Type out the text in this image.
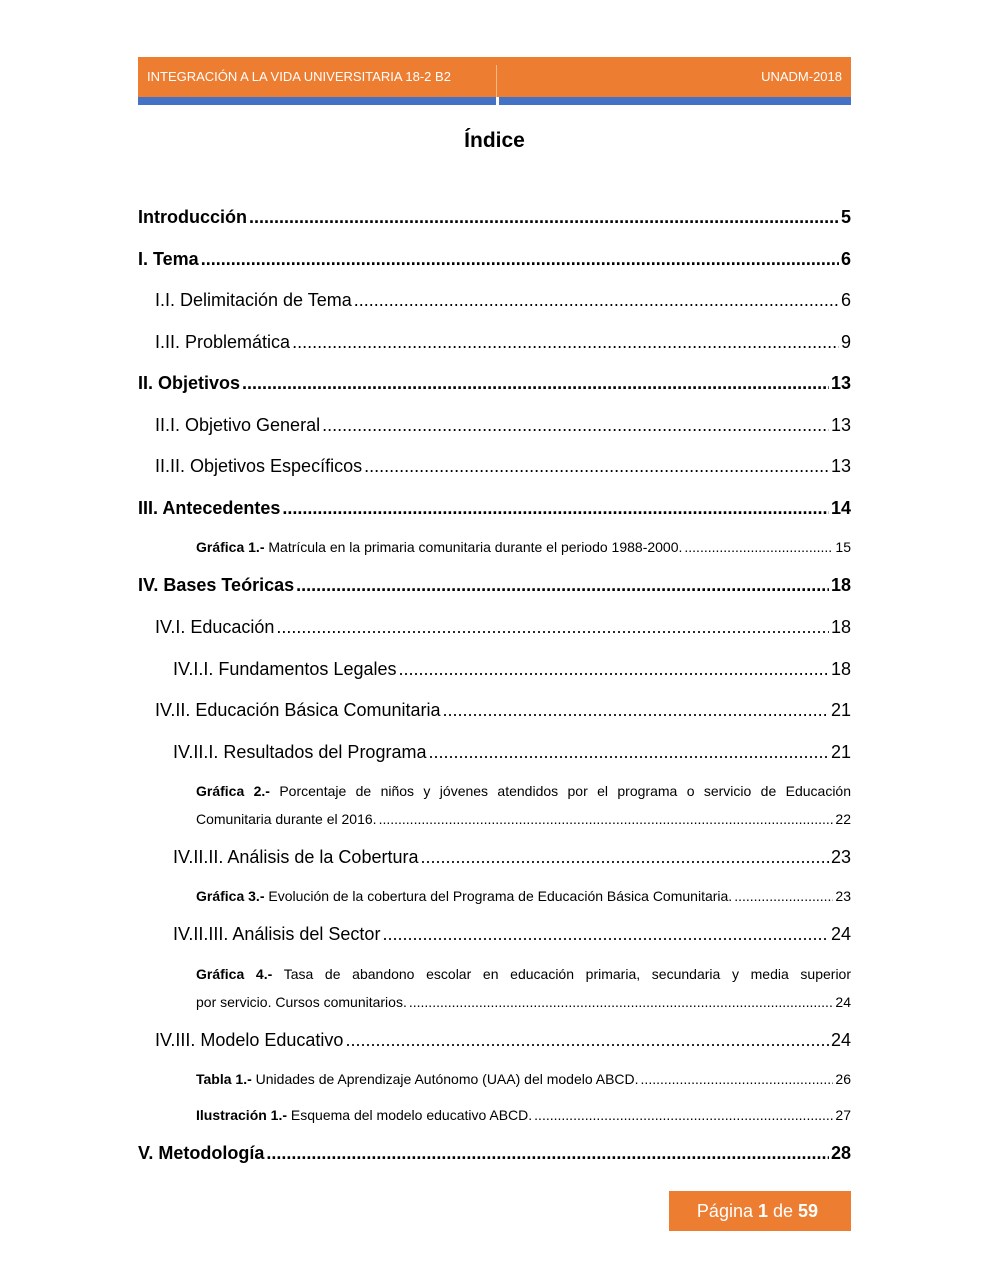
INTEGRACIÓN A LA VIDA UNIVERSITARIA 18-2 B2	UNADM-2018
Índice
Introducción .....	5
I. Tema .....	6
I.I. Delimitación de Tema .....	6
I.II. Problemática .....	9
II. Objetivos .....	13
II.I. Objetivo General .....	13
II.II. Objetivos Específicos .....	13
III. Antecedentes .....	14
Gráfica 1.- Matrícula en la primaria comunitaria durante el periodo 1988-2000. .....	15
IV. Bases Teóricas .....	18
IV.I. Educación .....	18
IV.I.I. Fundamentos Legales .....	18
IV.II. Educación Básica Comunitaria .....	21
IV.II.I. Resultados del Programa .....	21
Gráfica 2.- Porcentaje de niños y jóvenes atendidos por el programa o servicio de Educación
Comunitaria durante el 2016. .....	22
IV.II.II. Análisis de la Cobertura .....	23
Gráfica 3.- Evolución de la cobertura del Programa de Educación Básica Comunitaria. .....	23
IV.II.III. Análisis del Sector .....	24
Gráfica 4.- Tasa de abandono escolar en educación primaria, secundaria y media superior
por servicio. Cursos comunitarios. .....	24
IV.III. Modelo Educativo .....	24
Tabla 1.- Unidades de Aprendizaje Autónomo (UAA) del modelo ABCD. .....	26
Ilustración 1.- Esquema del modelo educativo ABCD. .....	27
V. Metodología .....	28
Página 1 de 59
